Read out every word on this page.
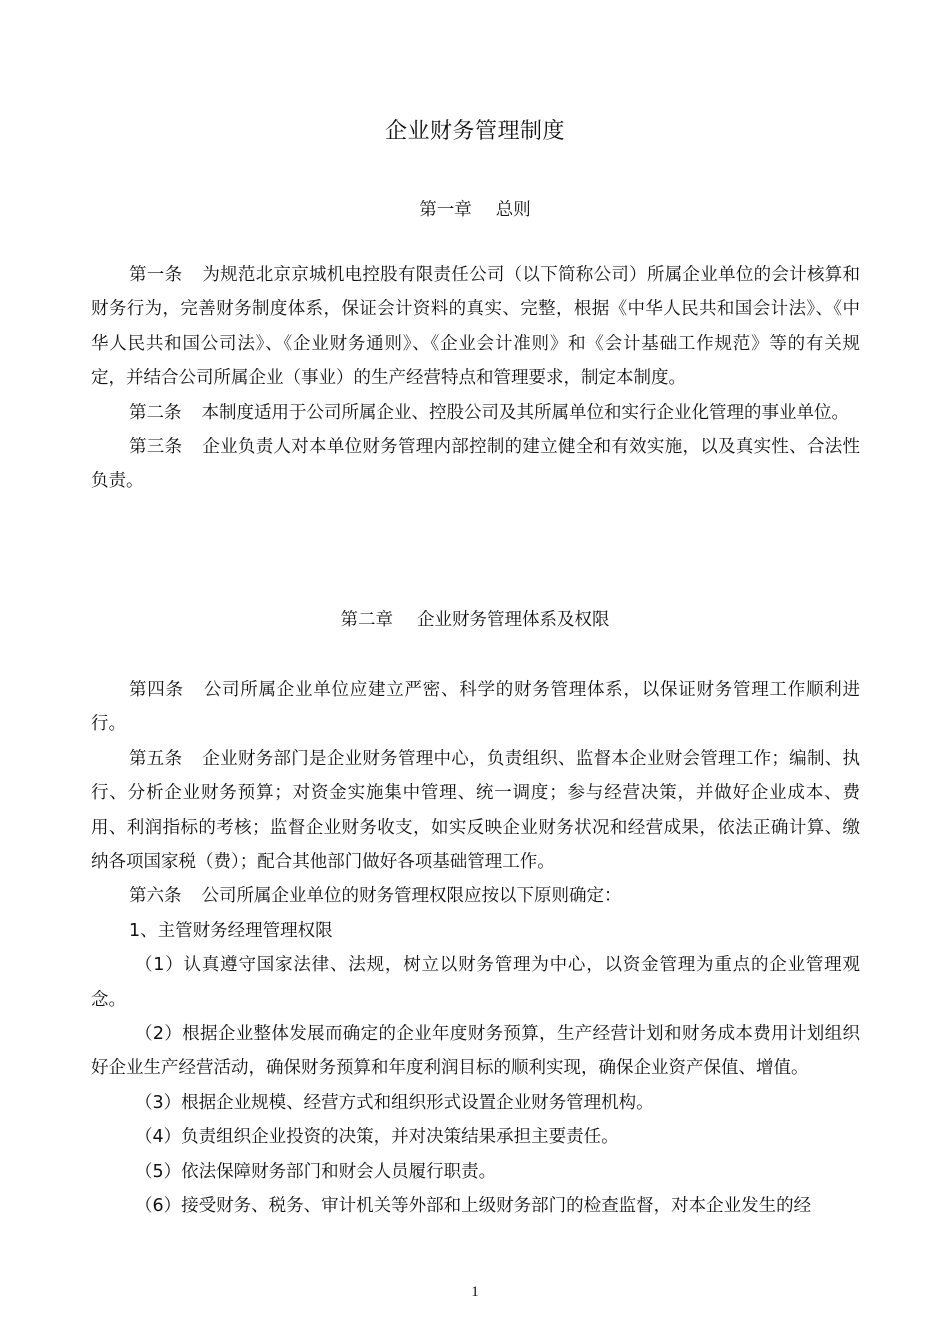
企业财务管理制度
第一章 总则

第一条 为规范北京京城机电控股有限责任公司（以下简称公司）所属企业单位的会计核算和财务行为，完善财务制度体系，保证会计资料的真实、完整，根据《中华人民共和国会计法》、《中华人民共和国公司法》、《企业财务通则》、《企业会计准则》和《会计基础工作规范》等的有关规定，并结合公司所属企业（事业）的生产经营特点和管理要求，制定本制度。

第二条 本制度适用于公司所属企业、控股公司及其所属单位和实行企业化管理的事业单位。

第三条 企业负责人对本单位财务管理内部控制的建立健全和有效实施，以及真实性、合法性负责。

第二章 企业财务管理体系及权限

第四条 公司所属企业单位应建立严密、科学的财务管理体系，以保证财务管理工作顺利进行。

第五条 企业财务部门是企业财务管理中心，负责组织、监督本企业财会管理工作；编制、执行、分析企业财务预算；对资金实施集中管理、统一调度；参与经营决策，并做好企业成本、费用、利润指标的考核；监督企业财务收支，如实反映企业财务状况和经营成果，依法正确计算、缴纳各项国家税（费）；配合其他部门做好各项基础管理工作。

第六条 公司所属企业单位的财务管理权限应按以下原则确定：

1、主管财务经理管理权限

（1）认真遵守国家法律、法规，树立以财务管理为中心，以资金管理为重点的企业管理观念。

（2）根据企业整体发展而确定的企业年度财务预算，生产经营计划和财务成本费用计划组织好企业生产经营活动，确保财务预算和年度利润目标的顺利实现，确保企业资产保值、增值。

（3）根据企业规模、经营方式和组织形式设置企业财务管理机构。

（4）负责组织企业投资的决策，并对决策结果承担主要责任。

（5）依法保障财务部门和财会人员履行职责。

（6）接受财务、税务、审计机关等外部和上级财务部门的检查监督，对本企业发生的经

1
